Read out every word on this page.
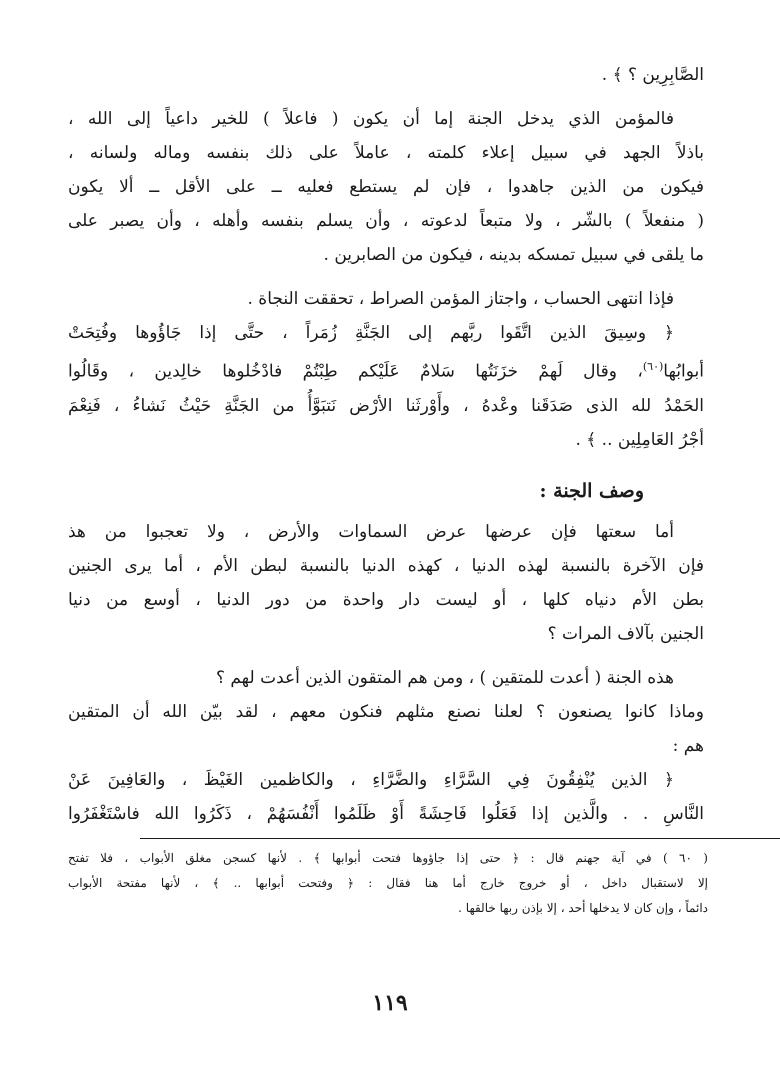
الصَّابِرِين ؟ ﴾ .
فالمؤمن الذي يدخل الجنة إما أن يكون ( فاعلاً ) للخير داعياً إلى الله ،
باذلاً الجهد في سبيل إعلاء كلمته ، عاملاً على ذلك بنفسه وماله ولسانه ،
فيكون من الذين جاهدوا ، فإن لم يستطع فعليه ــ على الأقل ــ ألا يكون
( منفعلاً ) بالشّر ، ولا متبعاً لدعوته ، وأن يسلم بنفسه وأهله ، وأن يصبر على
ما يلقى في سبيل تمسكه بدينه ، فيكون من الصابرين .
فإذا انتهى الحساب ، واجتاز المؤمن الصراط ، تحققت النجاة .
﴿ وسِيقَ الذين اتَّقَوا ربَّهم إلى الجَنَّةِ زُمَراً ، حتَّى إذا جَاؤُوها وفُتِحَتْ
أبوابُها$^{(٦٠)}$، وقال لَهمْ خزَنَتُها سَلامٌ عَلَيْكم طِبْتُمْ فادْخُلوها خالِدين ، وقَالُوا
الحَمْدُ لله الذى صَدَقَنا وعْدهُ ، وأَوْرثَنا الأرْض نَتبَوَّأُ من الجَنَّةِ حَيْثُ نَشاءُ ، فَنِعْمَ
أجْرُ العَامِلِين .. ﴾ .
وصف الجنة :
أما سعتها فإن عرضها عرض السماوات والأرض ، ولا تعجبوا من هذ
فإن الآخرة بالنسبة لهذه الدنيا ، كهذه الدنيا بالنسبة لبطن الأم ، أما يرى الجنين
بطن الأم دنياه كلها ، أو ليست دار واحدة من دور الدنيا ، أوسع من دنيا
الجنين بآلاف المرات ؟
هذه الجنة ( أعدت للمتقين ) ، ومن هم المتقون الذين أعدت لهم ؟
وماذا كانوا يصنعون ؟ لعلنا نصنع مثلهم فنكون معهم ، لقد بيّن الله أن المتقين
هم :
﴿ الذين يُنْفِقُونَ فِي السَّرَّاءِ والضَّرَّاءِ ، والكاظمين الغَيْظَ ، والعَافِينَ عَنْ
النَّاسِ . . والَّذين إذا فَعَلُوا فَاحِشَةً أَوْ ظَلَمُوا أَنْفُسَهُمْ ، ذَكَرُوا الله فاسْتَغْفَرُوا
( ٦٠ ) في آية جهنم قال : ﴿ حتى إذا جاؤوها فتحت أبوابها ﴾ . لأنها كسجن مغلق الأبواب ، فلا تفتح
إلا لاستقبال داخل ، أو خروج خارج أما هنا فقال : ﴿ وفتحت أبوابها .. ﴾ ، لأنها مفتحة الأبواب
دائماً ، وإن كان لا يدخلها أحد ، إلا بإذن ربها خالقها .
١١٩
